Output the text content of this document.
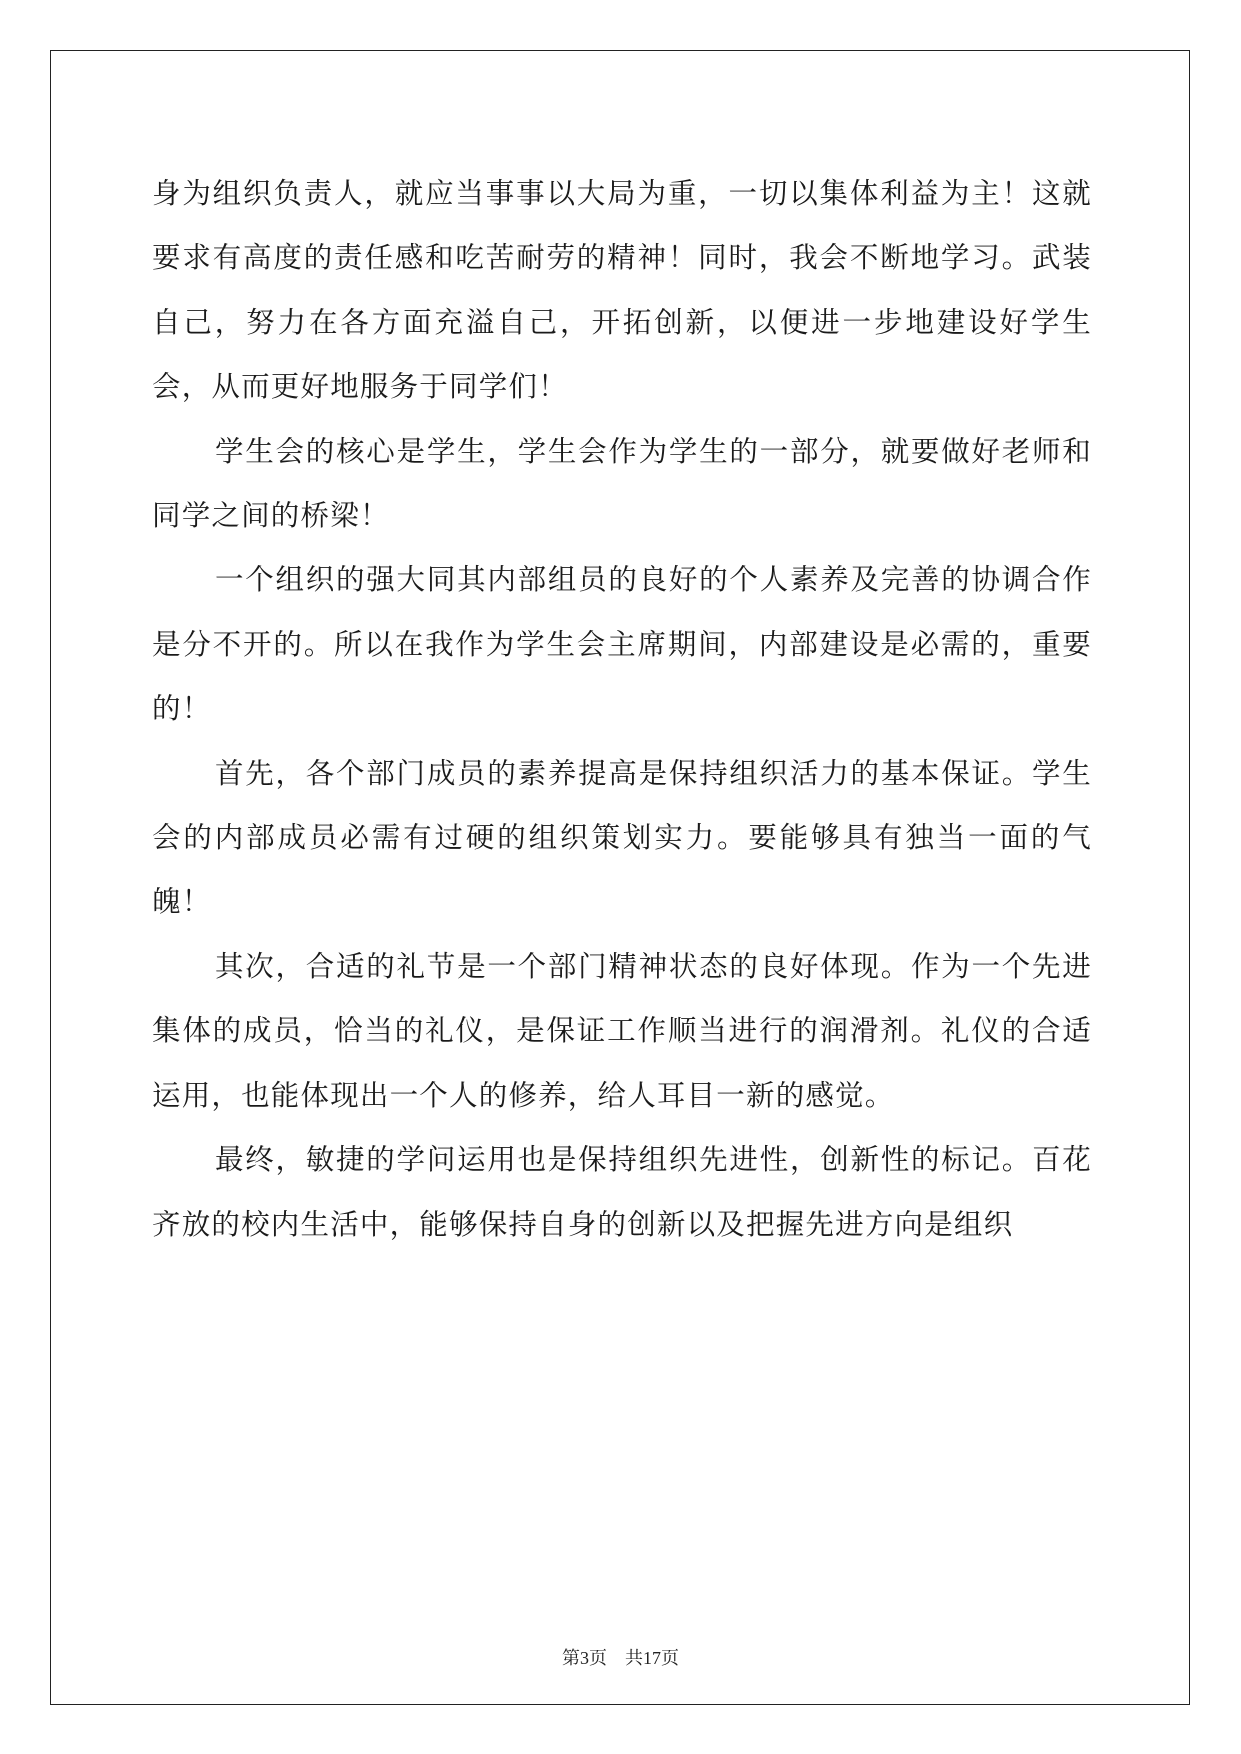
身为组织负责人，就应当事事以大局为重，一切以集体利益为主！这就要求有高度的责任感和吃苦耐劳的精神！同时，我会不断地学习。武装自己，努力在各方面充溢自己，开拓创新，以便进一步地建设好学生会，从而更好地服务于同学们！

学生会的核心是学生，学生会作为学生的一部分，就要做好老师和同学之间的桥梁！

一个组织的强大同其内部组员的良好的个人素养及完善的协调合作是分不开的。所以在我作为学生会主席期间，内部建设是必需的，重要的！

首先，各个部门成员的素养提高是保持组织活力的基本保证。学生会的内部成员必需有过硬的组织策划实力。要能够具有独当一面的气魄！

其次，合适的礼节是一个部门精神状态的良好体现。作为一个先进集体的成员，恰当的礼仪，是保证工作顺当进行的润滑剂。礼仪的合适运用，也能体现出一个人的修养，给人耳目一新的感觉。

最终，敏捷的学问运用也是保持组织先进性，创新性的标记。百花齐放的校内生活中，能够保持自身的创新以及把握先进方向是组织

第3页　共17页
